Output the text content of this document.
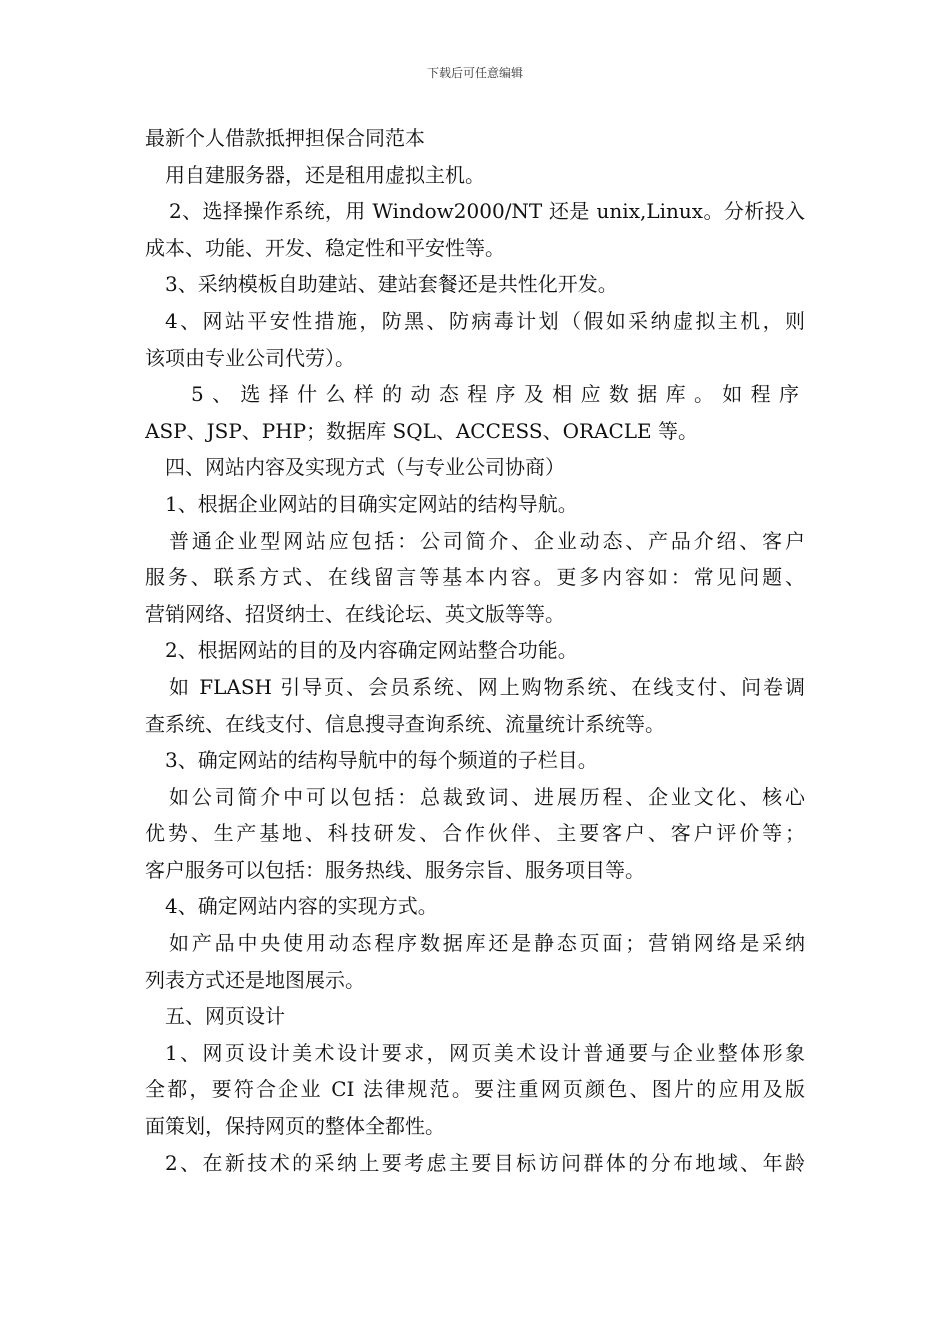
下载后可任意编辑
最新个人借款抵押担保合同范本
用自建服务器，还是租用虚拟主机。
2、选择操作系统，用 Window2000/NT 还是 unix,Linux。分析投入
成本、功能、开发、稳定性和平安性等。
3、采纳模板自助建站、建站套餐还是共性化开发。
4、网站平安性措施，防黑、防病毒计划（假如采纳虚拟主机，则
该项由专业公司代劳）。
5、选择什么样的动态程序及相应数据库。如程序
ASP、JSP、PHP；数据库 SQL、ACCESS、ORACLE 等。
四、网站内容及实现方式（与专业公司协商）
1、根据企业网站的目确实定网站的结构导航。
普通企业型网站应包括：公司简介、企业动态、产品介绍、客户
服务、联系方式、在线留言等基本内容。更多内容如：常见问题、
营销网络、招贤纳士、在线论坛、英文版等等。
2、根据网站的目的及内容确定网站整合功能。
如 FLASH 引导页、会员系统、网上购物系统、在线支付、问卷调
查系统、在线支付、信息搜寻查询系统、流量统计系统等。
3、确定网站的结构导航中的每个频道的子栏目。
如公司简介中可以包括：总裁致词、进展历程、企业文化、核心
优势、生产基地、科技研发、合作伙伴、主要客户、客户评价等；
客户服务可以包括：服务热线、服务宗旨、服务项目等。
4、确定网站内容的实现方式。
如产品中央使用动态程序数据库还是静态页面；营销网络是采纳
列表方式还是地图展示。
五、网页设计
1、网页设计美术设计要求，网页美术设计普通要与企业整体形象
全都，要符合企业 CI 法律规范。要注重网页颜色、图片的应用及版
面策划，保持网页的整体全都性。
2、在新技术的采纳上要考虑主要目标访问群体的分布地域、年龄
